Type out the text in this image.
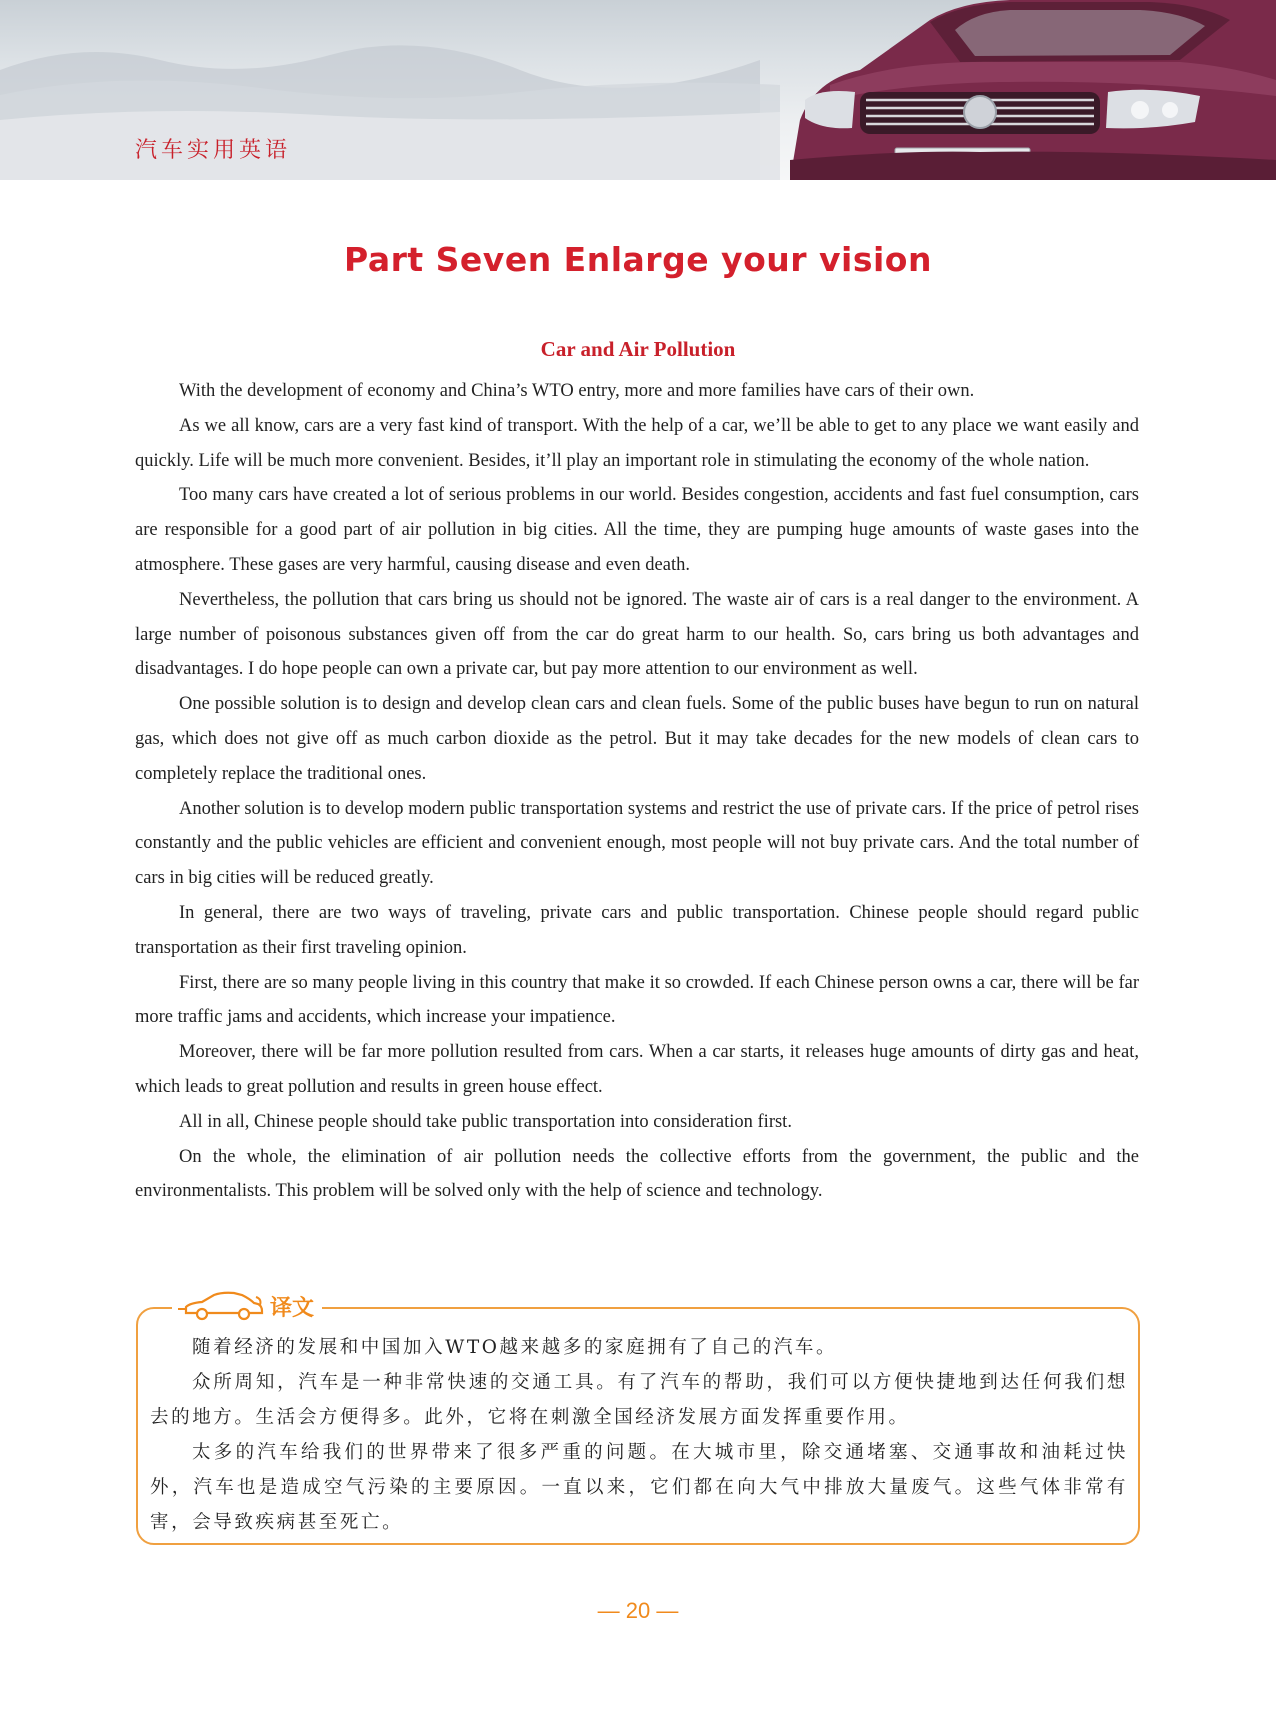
汽车实用英语
Part Seven Enlarge your vision
Car and Air Pollution

With the development of economy and China’s WTO entry, more and more families have cars of their own.

As we all know, cars are a very fast kind of transport. With the help of a car, we’ll be able to get to any place we want easily and quickly. Life will be much more convenient. Besides, it’ll play an important role in stimulating the economy of the whole nation.

Too many cars have created a lot of serious problems in our world. Besides congestion, accidents and fast fuel consumption, cars are responsible for a good part of air pollution in big cities. All the time, they are pumping huge amounts of waste gases into the atmosphere. These gases are very harmful, causing disease and even death.

Nevertheless, the pollution that cars bring us should not be ignored. The waste air of cars is a real danger to the environment. A large number of poisonous substances given off from the car do great harm to our health. So, cars bring us both advantages and disadvantages. I do hope people can own a private car, but pay more attention to our environment as well.

One possible solution is to design and develop clean cars and clean fuels. Some of the public buses have begun to run on natural gas, which does not give off as much carbon dioxide as the petrol. But it may take decades for the new models of clean cars to completely replace the traditional ones.

Another solution is to develop modern public transportation systems and restrict the use of private cars. If the price of petrol rises constantly and the public vehicles are efficient and convenient enough, most people will not buy private cars. And the total number of cars in big cities will be reduced greatly.

In general, there are two ways of traveling, private cars and public transportation. Chinese people should regard public transportation as their first traveling opinion.

First, there are so many people living in this country that make it so crowded. If each Chinese person owns a car, there will be far more traffic jams and accidents, which increase your impatience.

Moreover, there will be far more pollution resulted from cars. When a car starts, it releases huge amounts of dirty gas and heat, which leads to great pollution and results in green house effect.

All in all, Chinese people should take public transportation into consideration first.

On the whole, the elimination of air pollution needs the collective efforts from the government, the public and the environmentalists. This problem will be solved only with the help of science and technology.

译文

随着经济的发展和中国加入WTO越来越多的家庭拥有了自己的汽车。

众所周知，汽车是一种非常快速的交通工具。有了汽车的帮助，我们可以方便快捷地到达任何我们想去的地方。生活会方便得多。此外，它将在刺激全国经济发展方面发挥重要作用。

太多的汽车给我们的世界带来了很多严重的问题。在大城市里，除交通堵塞、交通事故和油耗过快外，汽车也是造成空气污染的主要原因。一直以来，它们都在向大气中排放大量废气。这些气体非常有害，会导致疾病甚至死亡。

— 20 —
